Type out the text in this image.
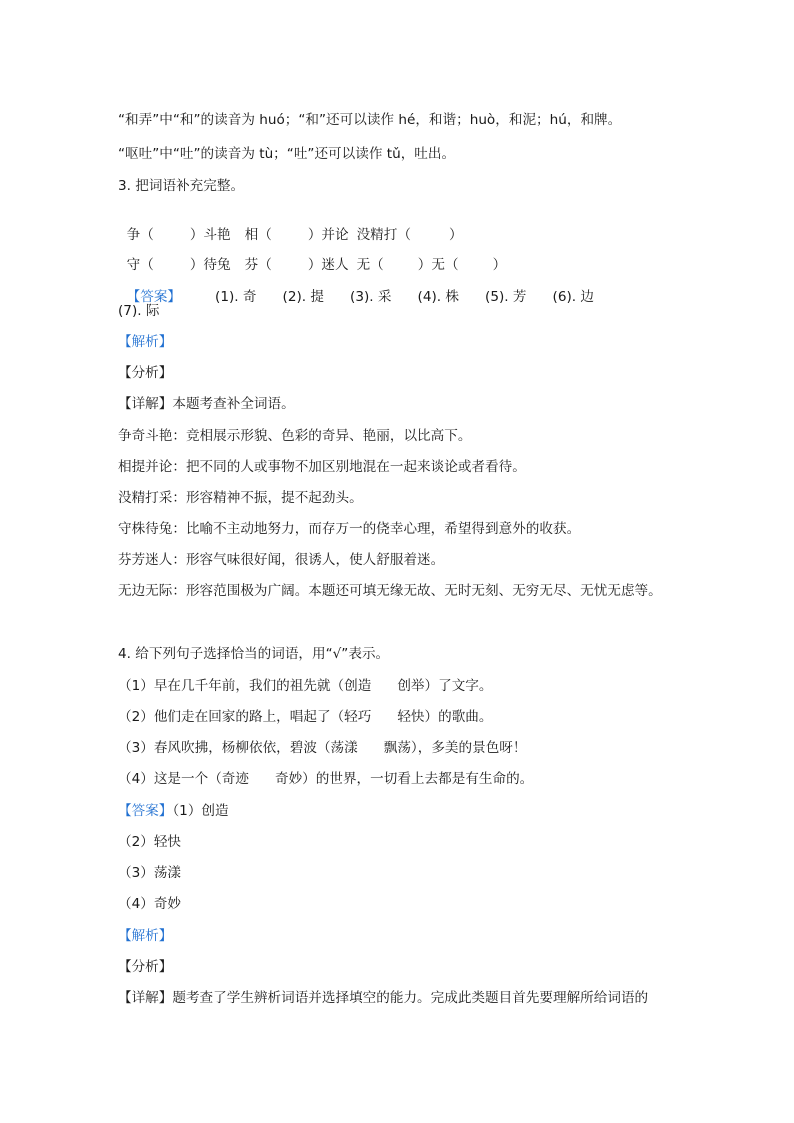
“和弄”中“和”的读音为 huó；“和”还可以读作 hé，和谐；huò，和泥；hú，和牌。
“呕吐”中“吐”的读音为 tù；“吐”还可以读作 tǔ，吐出。
3. 把词语补充完整。

争（	）斗艳 相（	）并论 没精打（	）

守（	）待兔 芬（	）迷人 无（	）无（	）

【答案】	(1). 奇 (2). 提 (3). 采 (4). 株 (5). 芳 (6). 边

(7). 际
【解析】
【分析】
【详解】本题考查补全词语。
争奇斗艳：竞相展示形貌、色彩的奇异、艳丽，以比高下。
相提并论：把不同的人或事物不加区别地混在一起来谈论或者看待。
没精打采：形容精神不振，提不起劲头。
守株待兔：比喻不主动地努力，而存万一的侥幸心理，希望得到意外的收获。
芬芳迷人：形容气味很好闻，很诱人，使人舒服着迷。
无边无际：形容范围极为广阔。本题还可填无缘无故、无时无刻、无穷无尽、无忧无虑等。
4. 给下列句子选择恰当的词语，用“√”表示。
（1）早在几千年前，我们的祖先就（创造 创举）了文字。
（2）他们走在回家的路上，唱起了（轻巧 轻快）的歌曲。
（3）春风吹拂，杨柳依依，碧波（荡漾 飘荡），多美的景色呀！
（4）这是一个（奇迹 奇妙）的世界，一切看上去都是有生命的。
【答案】（1）创造
（2）轻快
（3）荡漾
（4）奇妙
【解析】
【分析】
【详解】题考查了学生辨析词语并选择填空的能力。完成此类题目首先要理解所给词语的
